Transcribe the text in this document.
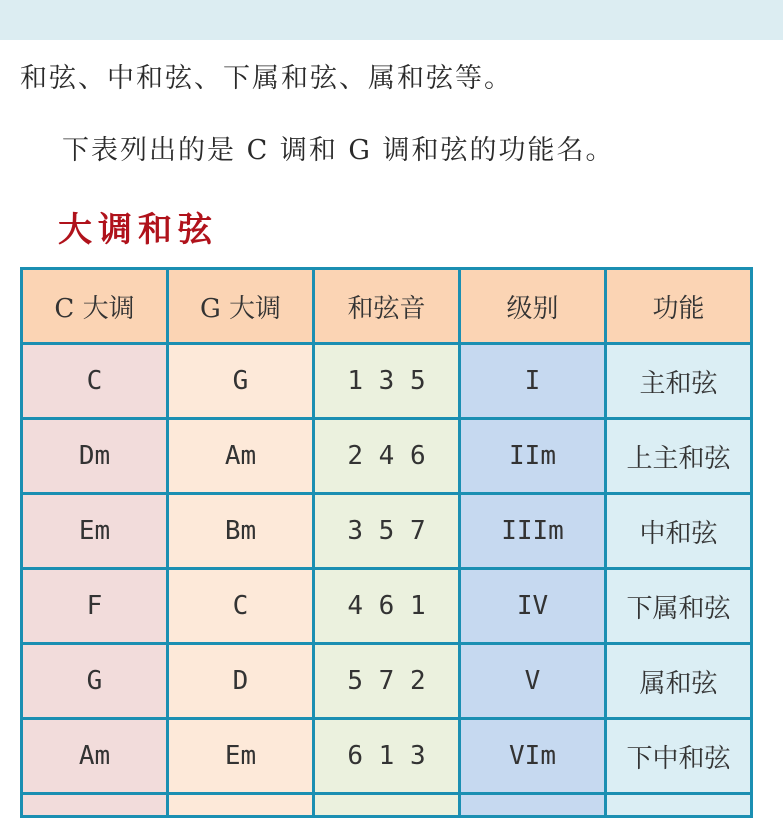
和弦、中和弦、下属和弦、属和弦等。
下表列出的是 C 调和 G 调和弦的功能名。
大调和弦
C 大调	G 大调	和弦音	级别	功能
C	G	1 3 5	I	主和弦
Dm	Am	2 4 6	IIm	上主和弦
Em	Bm	3 5 7	IIIm	中和弦
F	C	4 6 1	IV	下属和弦
G	D	5 7 2	V	属和弦
Am	Em	6 1 3	VIm	下中和弦
